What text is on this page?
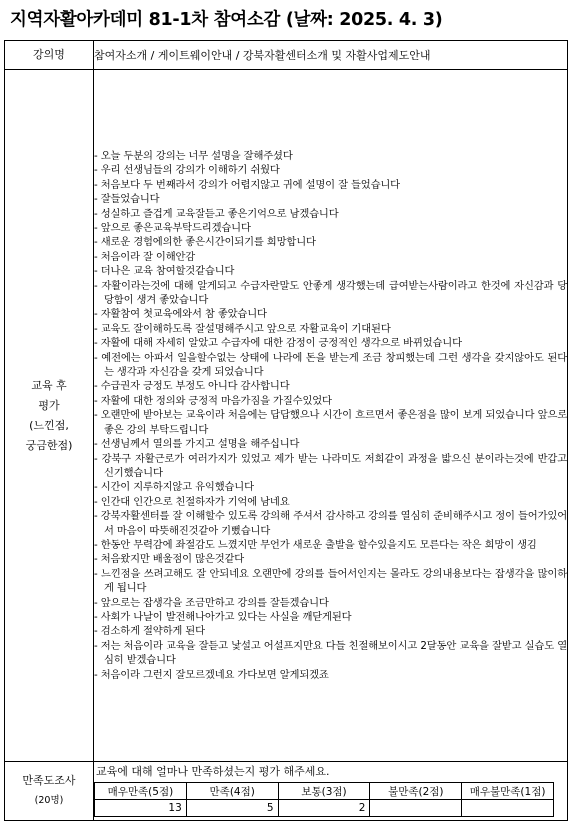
지역자활아카데미 81-1차 참여소감 (날짜: 2025. 4. 3)
강의명	참여자소개 / 게이트웨이안내 / 강북자활센터소개 및 자활사업제도안내

교육 후
평가
(느낀점,
궁금한점)

- 오늘 두분의 강의는 너무 설명을 잘해주셨다
- 우리 선생님들의 강의가 이해하기 쉬웠다
- 처음보다 두 번째라서 강의가 어렵지않고 귀에 설명이 잘 들었습니다
- 잘들었습니다
- 성실하고 즐겁게 교육잘듣고 좋은기억으로 남겠습니다
- 앞으로 좋은교육부탁드리겠습니다
- 새로운 경험에의한 좋은시간이되기를 희망합니다
- 처음이라 잘 이해안감
- 더나은 교육 참여할것같습니다
- 자활이라는것에 대해 알게되고 수급자란말도 안좋게 생각했는데 급여받는사람이라고 한것에 자신감과 당당함이 생겨 좋았습니다
- 자활참여 첫교육에와서 참 좋았습니다
- 교육도 잘이해하도록 잘설명해주시고 앞으로 자활교육이 기대된다
- 자활에 대해 자세히 알았고 수급자에 대한 감정이 긍정적인 생각으로 바뀌었습니다
- 예전에는 아파서 일을할수없는 상태에 나라에 돈을 받는게 조금 창피했는데 그런 생각을 갖지않아도 된다는 생각과 자신감을 갖게 되었습니다
- 수급권자 긍정도 부정도 아니다 감사합니다
- 자활에 대한 정의와 긍정적 마음가짐을 가질수있었다
- 오랜만에 받아보는 교육이라 처음에는 답답했으나 시간이 흐르면서 좋은점을 많이 보게 되었습니다 앞으로 좋은 강의 부탁드립니다
- 선생님께서 열의를 가지고 설명을 해주십니다
- 강북구 자활근로가 여러가지가 있었고 제가 받는 나라미도 저희같이 과정을 밟으신 분이라는것에 반갑고 신기했습니다
- 시간이 지루하지않고 유익했습니다
- 인간대 인간으로 친절하자가 기억에 남네요
- 강북자활센터를 잘 이해할수 있도록 강의해 주셔서 감사하고 강의를 열심히 준비해주시고 정이 들어가있어서 마음이 따뜻해진것같아 기뻤습니다
- 한동안 무력감에 좌절감도 느꼈지만 무언가 새로운 출발을 할수있을지도 모른다는 작은 희망이 생김
- 처음왔지만 배울점이 많은것같다
- 느낀점을 쓰려고해도 잘 안되네요 오랜만에 강의를 들어서인지는 몰라도 강의내용보다는 잡생각을 많이하게 됩니다
- 앞으로는 잡생각을 조금만하고 강의를 잘듣겠습니다
- 사회가 나날이 발전해나아가고 있다는 사실을 깨닫게된다
- 검소하게 절약하게 된다
- 저는 처음이라 교육을 잘듣고 낯설고 어설프지만요 다들 친절해보이시고 2달동안 교육을 잘받고 실습도 열심히 받겠습니다
- 처음이라 그런지 잘모르겠네요 가다보면 알게되겠죠

만족도조사
(20명)

교육에 대해 얼마나 만족하셨는지 평가 해주세요.
매우만족(5점)	만족(4점)	보통(3점)	불만족(2점)	매우불만족(1점)
13	5	2		
